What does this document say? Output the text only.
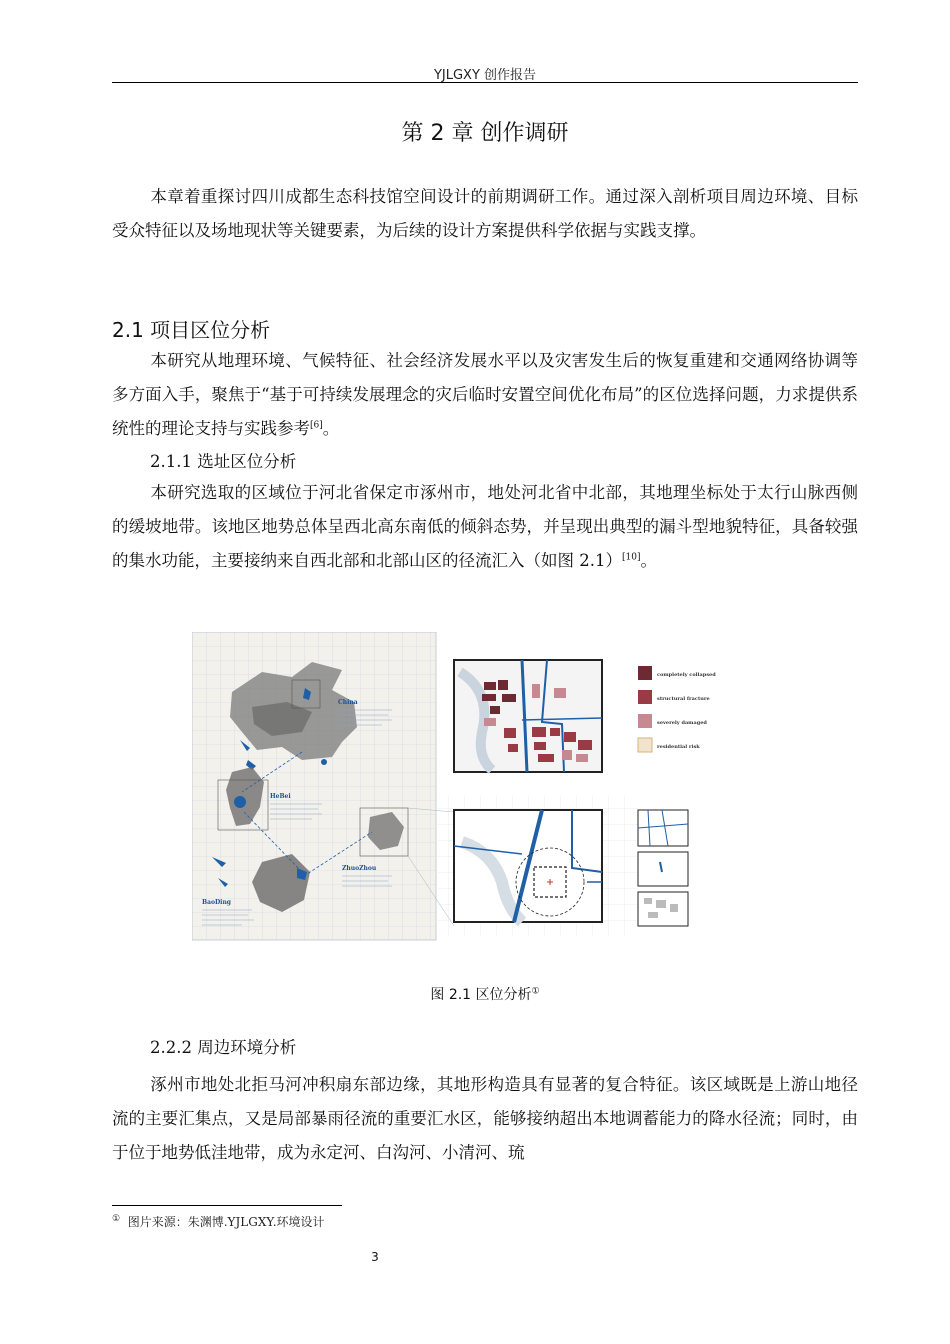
YJLGXY 创作报告
第 2 章 创作调研
本章着重探讨四川成都生态科技馆空间设计的前期调研工作。通过深入剖析项目周边环境、目标受众特征以及场地现状等关键要素，为后续的设计方案提供科学依据与实践支撑。
2.1 项目区位分析
本研究从地理环境、气候特征、社会经济发展水平以及灾害发生后的恢复重建和交通网络协调等多方面入手，聚焦于“基于可持续发展理念的灾后临时安置空间优化布局”的区位选择问题，力求提供系统性的理论支持与实践参考[6]。
2.1.1 选址区位分析
本研究选取的区域位于河北省保定市涿州市，地处河北省中北部，其地理坐标处于太行山脉西侧的缓坡地带。该地区地势总体呈西北高东南低的倾斜态势，并呈现出典型的漏斗型地貌特征，具备较强的集水功能，主要接纳来自西北部和北部山区的径流汇入（如图 2.1）[10]。
China
HeBei
ZhuoZhou
BaoDing
completely collapsed
structural fracture
severely damaged
residential risk
图 2.1 区位分析①
2.2.2 周边环境分析
涿州市地处北拒马河冲积扇东部边缘，其地形构造具有显著的复合特征。该区域既是上游山地径流的主要汇集点，又是局部暴雨径流的重要汇水区，能够接纳超出本地调蓄能力的降水径流；同时，由于位于地势低洼地带，成为永定河、白沟河、小清河、琉
① 图片来源：朱渊博.YJLGXY.环境设计
3
